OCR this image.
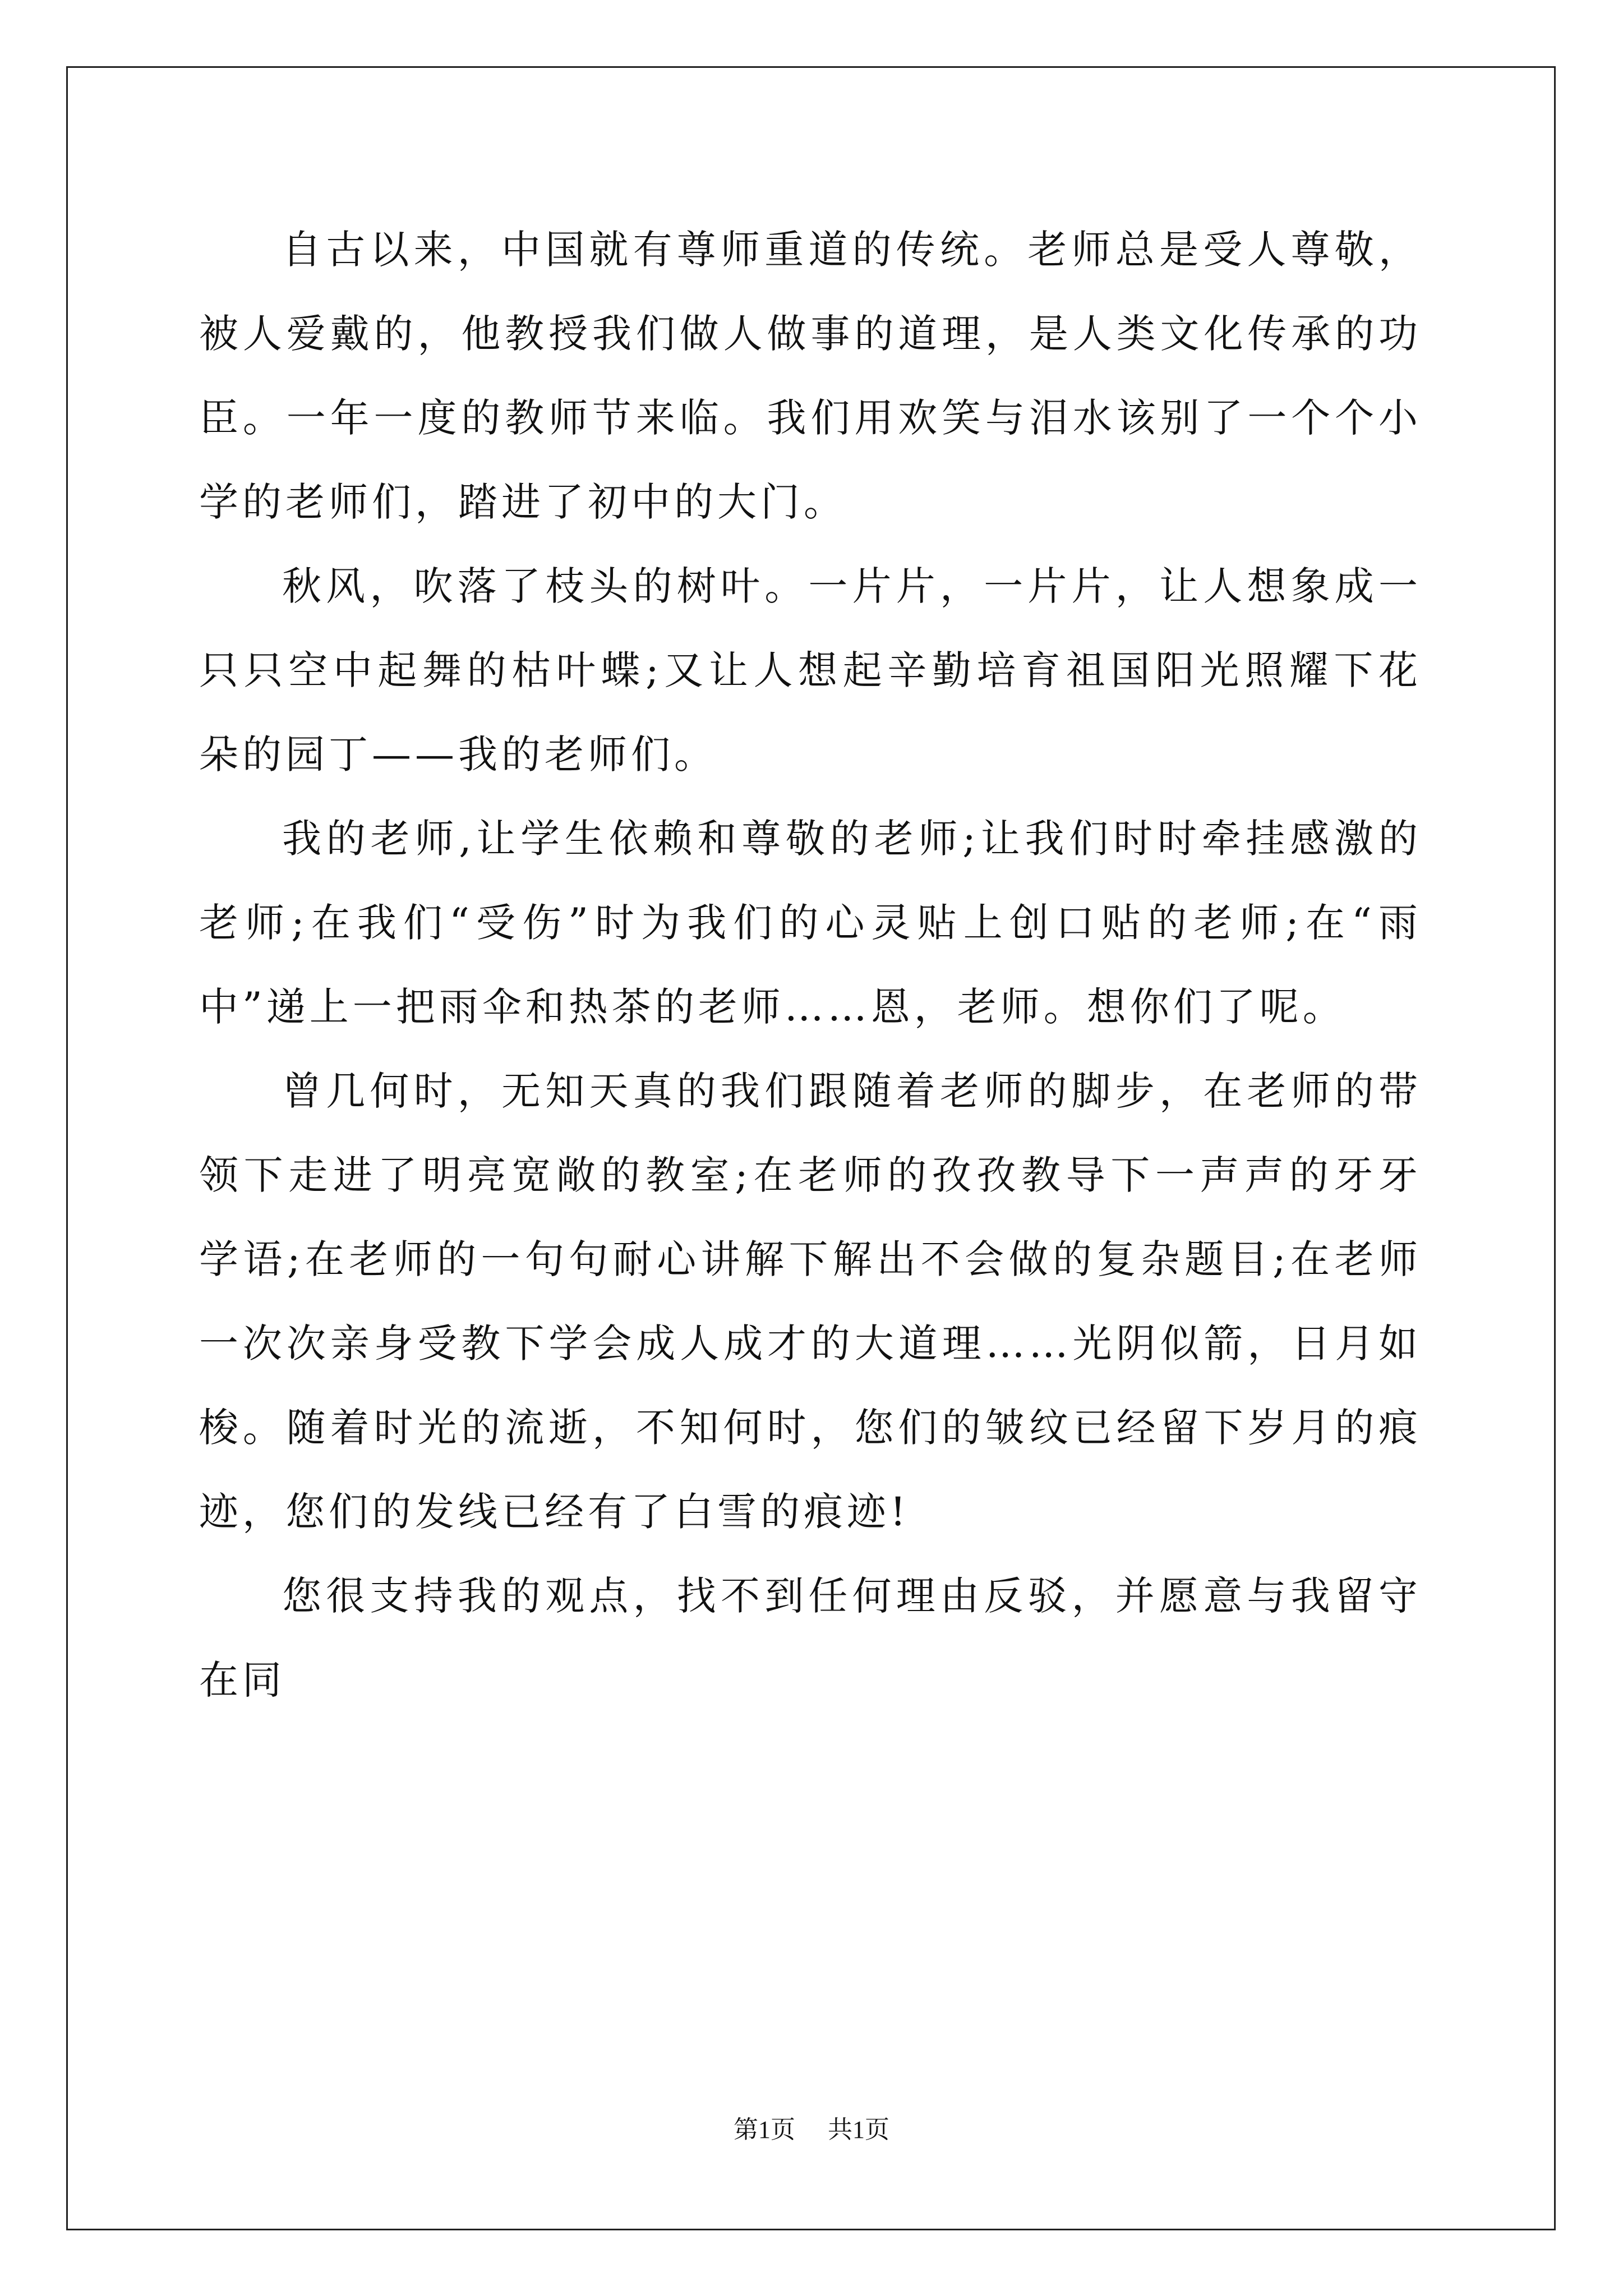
自古以来，中国就有尊师重道的传统。老师总是受人尊敬，被人爱戴的，他教授我们做人做事的道理，是人类文化传承的功臣。一年一度的教师节来临。我们用欢笑与泪水该别了一个个小学的老师们，踏进了初中的大门。

秋风，吹落了枝头的树叶。一片片，一片片，让人想象成一只只空中起舞的枯叶蝶;又让人想起辛勤培育祖国阳光照耀下花朵的园丁——我的老师们。

我的老师,让学生依赖和尊敬的老师;让我们时时牵挂感激的老师;在我们“受伤”时为我们的心灵贴上创口贴的老师;在“雨中”递上一把雨伞和热茶的老师……恩，老师。想你们了呢。

曾几何时，无知天真的我们跟随着老师的脚步，在老师的带领下走进了明亮宽敞的教室;在老师的孜孜教导下一声声的牙牙学语;在老师的一句句耐心讲解下解出不会做的复杂题目;在老师一次次亲身受教下学会成人成才的大道理……光阴似箭，日月如梭。随着时光的流逝，不知何时，您们的皱纹已经留下岁月的痕迹，您们的发线已经有了白雪的痕迹!

您很支持我的观点，找不到任何理由反驳，并愿意与我留守在同

第1页 共1页
